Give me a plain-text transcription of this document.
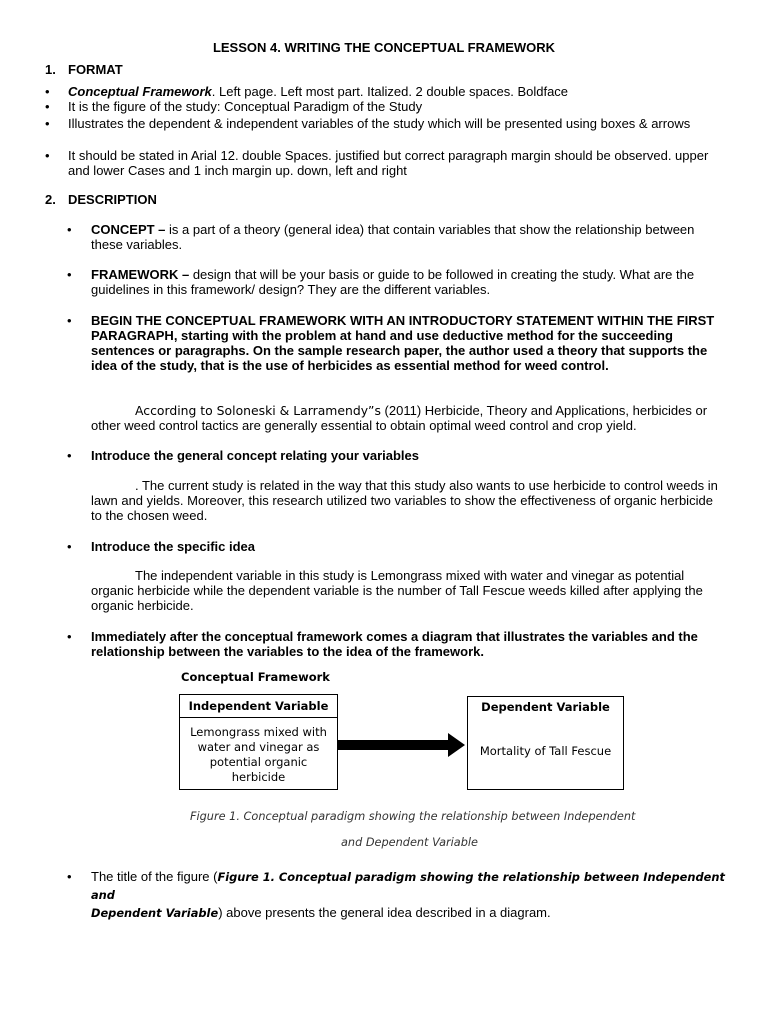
LESSON 4. WRITING THE CONCEPTUAL FRAMEWORK
1. FORMAT
• Conceptual Framework. Left page. Left most part. Italized. 2 double spaces. Boldface
• It is the figure of the study: Conceptual Paradigm of the Study
• Illustrates the dependent & independent variables of the study which will be presented using boxes & arrows
• It should be stated in Arial 12. double Spaces. justified but correct paragraph margin should be observed. upper and lower Cases and 1 inch margin up. down, left and right
2. DESCRIPTION
• CONCEPT – is a part of a theory (general idea) that contain variables that show the relationship between these variables.
• FRAMEWORK – design that will be your basis or guide to be followed in creating the study. What are the guidelines in this framework/ design? They are the different variables.
• BEGIN THE CONCEPTUAL FRAMEWORK WITH AN INTRODUCTORY STATEMENT WITHIN THE FIRST PARAGRAPH, starting with the problem at hand and use deductive method for the succeeding sentences or paragraphs. On the sample research paper, the author used a theory that supports the idea of the study, that is the use of herbicides as essential method for weed control.
According to Soloneski & Larramendy”s (2011) Herbicide, Theory and Applications, herbicides or other weed control tactics are generally essential to obtain optimal weed control and crop yield.
• Introduce the general concept relating your variables
. The current study is related in the way that this study also wants to use herbicide to control weeds in lawn and yields. Moreover, this research utilized two variables to show the effectiveness of organic herbicide to the chosen weed.
• Introduce the specific idea
The independent variable in this study is Lemongrass mixed with water and vinegar as potential organic herbicide while the dependent variable is the number of Tall Fescue weeds killed after applying the organic herbicide.
• Immediately after the conceptual framework comes a diagram that illustrates the variables and the relationship between the variables to the idea of the framework.
Conceptual Framework
Independent Variable
Lemongrass mixed with
water and vinegar as
potential organic
herbicide
Dependent Variable
Mortality of Tall Fescue
Figure 1. Conceptual paradigm showing the relationship between Independent
and Dependent Variable
• The title of the figure (Figure 1. Conceptual paradigm showing the relationship between Independent and
Dependent Variable) above presents the general idea described in a diagram.
